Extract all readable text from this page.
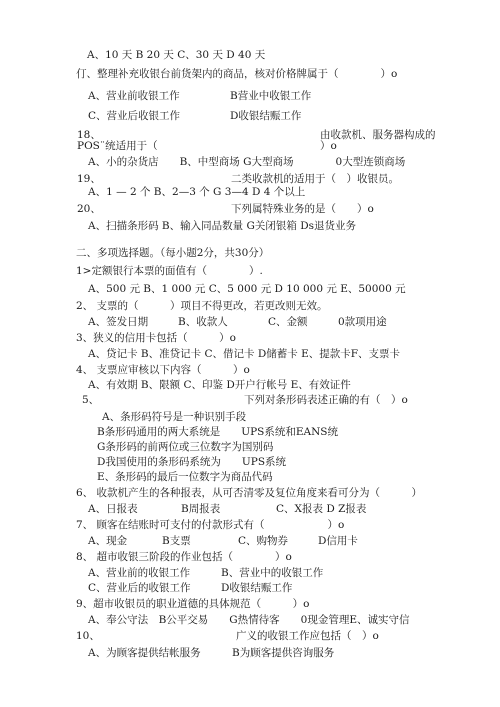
A、10 天 B 20 天 C、30 天 D 40 天
仃、整理补充收银台前货架内的商品，核对价格牌属于（　　　　）o
A、营业前收银工作	B营业中收银工作
C、营业后收银工作	D收银结赈工作
18、	由收款机、服务器构成的
POS¨统适用于（	）o
A、小的杂货店　　B、中型商场 G大型商场　　　　0大型连锁商场
19、	二类收款机的适用于（　）收银员。
A、1 — 2 个 B、2—3 个 G 3—4 D 4 个以上
20、	下列属特殊业务的是（　　）o
A、扫描条形码 B、输入同品数量 G关闭银箱 Ds退货业务
二、多项选择题。（每小题2分，共30分）
1>定额银行本票的面值有（　　　　）.
A、500 元 B、1 000 元 C、5 000 元 D 10 000 元 E、50000 元
2、 支票的（　　　）项目不得更改，若更改则无效。
A、签发日期	B、收款人	C、金额	0款项用途
3、狭义的信用卡包括（　　　）o
A、贷记卡 B、准贷记卡 C、借记卡 D储蓄卡 E、提款卡F、支票卡
4、 支票应审核以下内容（　　　）o
A、有效期 B、限额 C、印鉴 D开户行帐号 E、有效证件
5、	下列对条形码表述正确的有（　）o
A、条形码符号是一种识别手段
B条形码通用的两大系统是　　UPS系统和EANS统
G条形码的前两位或三位数字为国别码
D我国使用的条形码系统为　　UPS系统
E、条形码的最后一位数字为商品代码
6、 收款机产生的各种报表，从可否清零及复位角度来看可分为（　　　）
A、日报表	B周报表	C、X报表 D Z报表
7、 顾客在结账时可支付的付款形式有（　　　　　　）o
A、现金	B支票	C、购物券	D信用卡
8、 超市收银三阶段的作业包括（　　　　）o
A、营业前的收银工作	B、营业中的收银工作
C、营业后的收银工作	D收银结赈工作
9、超市收银员的职业道德的具体规范（　　　）o
A、奉公守法　B公平交易　　G热情待客　　0现金管理E、诚实守信
10、	广义的收银工作应包括（　）o
A、为顾客提供结帐服务	B为顾客提供咨询服务
